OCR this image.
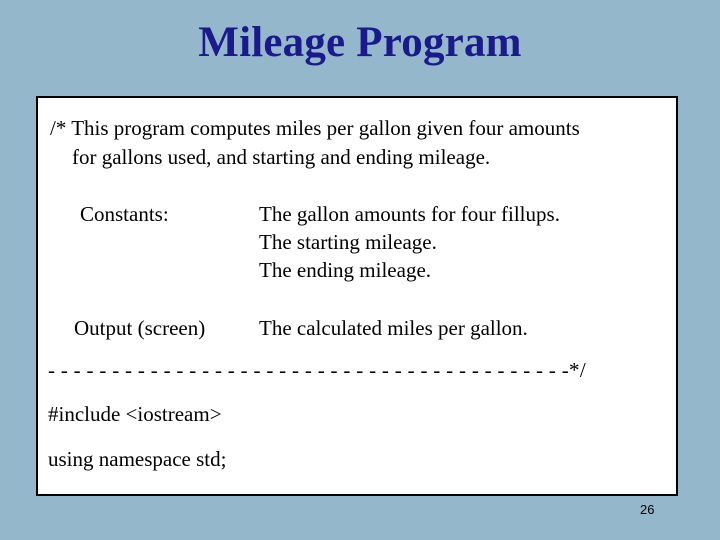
Mileage Program
/* This program computes miles per gallon given four amounts
for gallons used, and starting and ending mileage.
Constants:	The gallon amounts for four fillups.
The starting mileage.
The ending mileage.
Output (screen)	The calculated miles per gallon.
- - - - - - - - - - - - - - - - - - - - - - - - - - - - - - - - - - - - - - - - -*/
#include <iostream>
using namespace std;
26
